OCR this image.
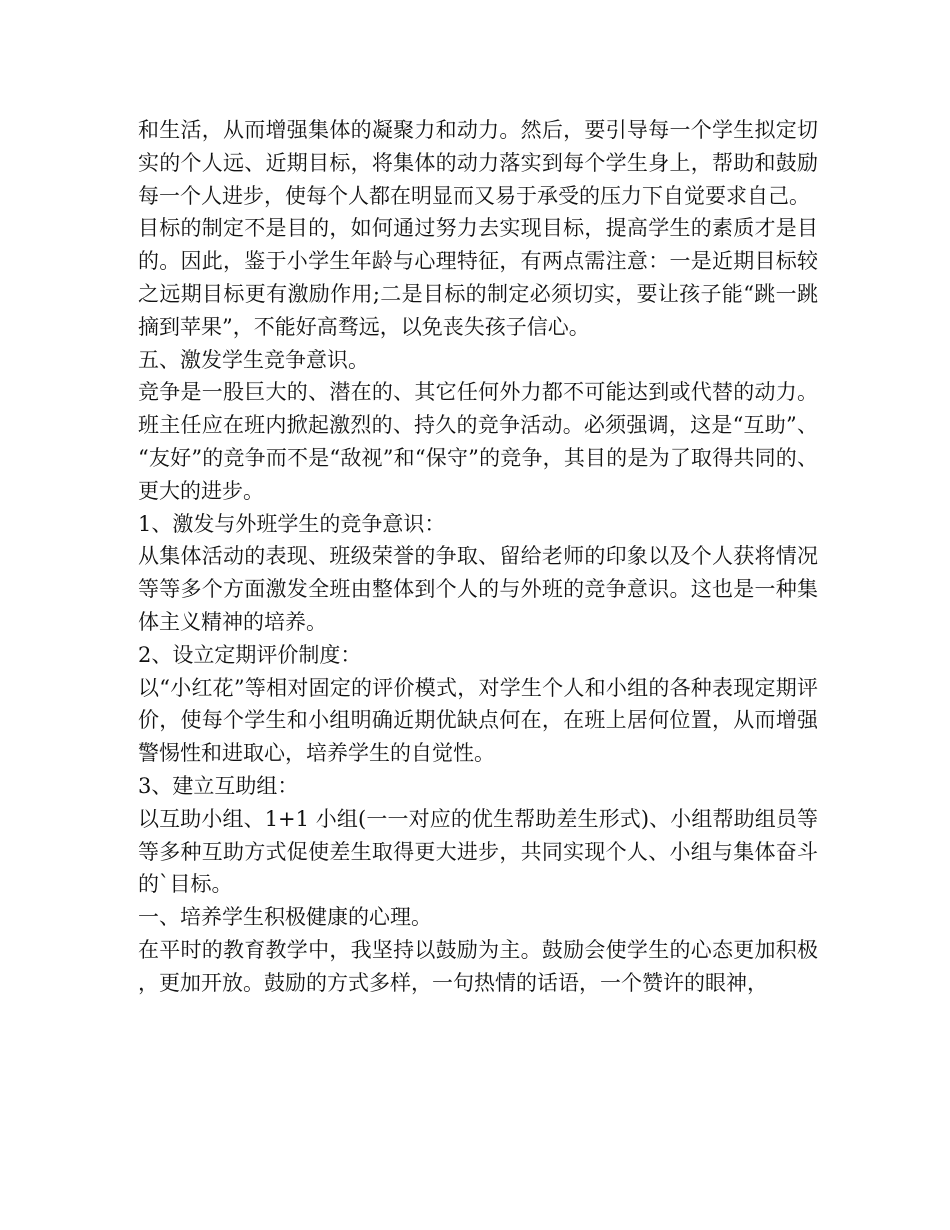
和生活，从而增强集体的凝聚力和动力。然后，要引导每一个学生拟定切实的个人远、近期目标，将集体的动力落实到每个学生身上，帮助和鼓励每一个人进步，使每个人都在明显而又易于承受的压力下自觉要求自己。

目标的制定不是目的，如何通过努力去实现目标，提高学生的素质才是目的。因此，鉴于小学生年龄与心理特征，有两点需注意：一是近期目标较之远期目标更有激励作用;二是目标的制定必须切实，要让孩子能“跳一跳摘到苹果”，不能好高骛远，以免丧失孩子信心。

五、激发学生竞争意识。

竞争是一股巨大的、潜在的、其它任何外力都不可能达到或代替的动力。班主任应在班内掀起激烈的、持久的竞争活动。必须强调，这是“互助”、“友好”的竞争而不是“敌视”和“保守”的竞争，其目的是为了取得共同的、更大的进步。

1、激发与外班学生的竞争意识：

从集体活动的表现、班级荣誉的争取、留给老师的印象以及个人获将情况等等多个方面激发全班由整体到个人的与外班的竞争意识。这也是一种集体主义精神的培养。

2、设立定期评价制度：

以“小红花”等相对固定的评价模式，对学生个人和小组的各种表现定期评价，使每个学生和小组明确近期优缺点何在，在班上居何位置，从而增强警惕性和进取心，培养学生的自觉性。

3、建立互助组：

以互助小组、1+1 小组(一一对应的优生帮助差生形式)、小组帮助组员等等多种互助方式促使差生取得更大进步，共同实现个人、小组与集体奋斗的`目标。

一、培养学生积极健康的心理。

在平时的教育教学中，我坚持以鼓励为主。鼓励会使学生的心态更加积极，更加开放。鼓励的方式多样，一句热情的话语，一个赞许的眼神，
